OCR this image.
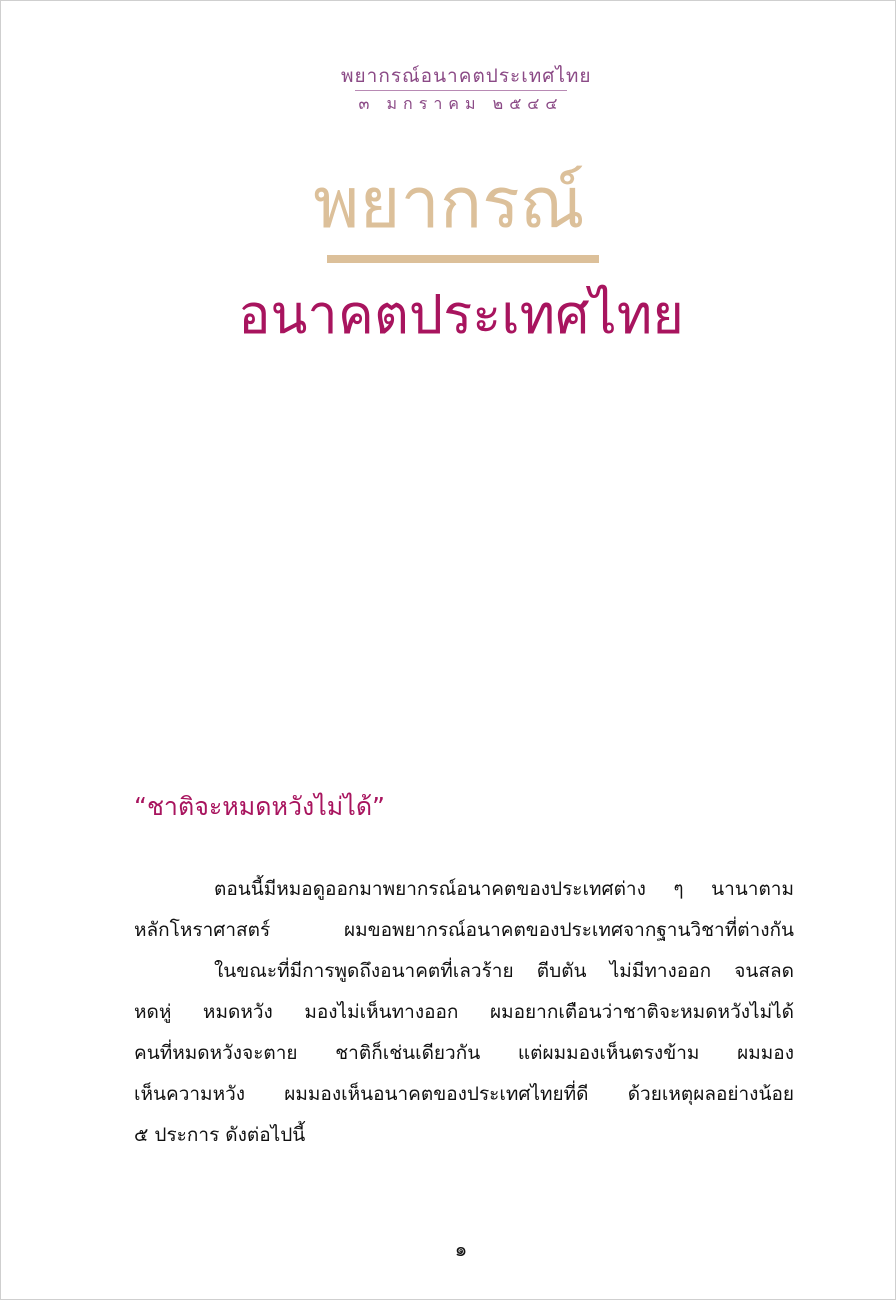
พยากรณ์อนาคตประเทศไทย
๓ มกราคม ๒๕๔๔
พยากรณ์
อนาคตประเทศไทย
“ชาติจะหมดหวังไม่ได้”
ตอนนี้มีหมอดูออกมาพยากรณ์อนาคตของประเทศต่าง ๆ นานาตาม
หลักโหราศาสตร์ ผมขอพยากรณ์อนาคตของประเทศจากฐานวิชาที่ต่างกัน
ในขณะที่มีการพูดถึงอนาคตที่เลวร้าย ตีบตัน ไม่มีทางออก จนสลด
หดหู่ หมดหวัง มองไม่เห็นทางออก ผมอยากเตือนว่าชาติจะหมดหวังไม่ได้
คนที่หมดหวังจะตาย ชาติก็เช่นเดียวกัน แต่ผมมองเห็นตรงข้าม ผมมอง
เห็นความหวัง ผมมองเห็นอนาคตของประเทศไทยที่ดี ด้วยเหตุผลอย่างน้อย
๕ ประการ ดังต่อไปนี้
๑
